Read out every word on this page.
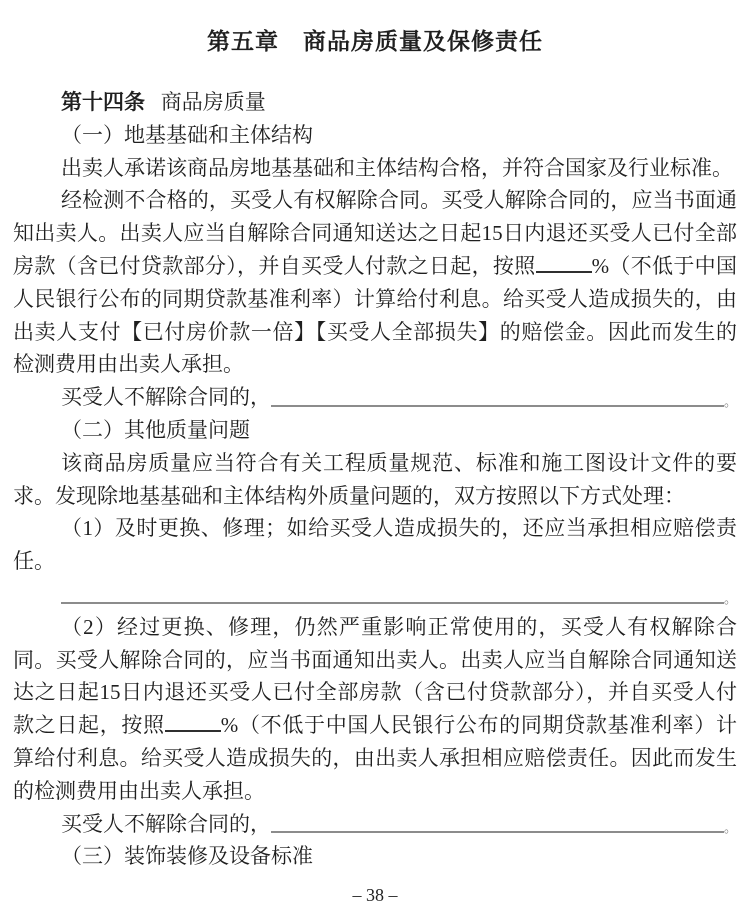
第五章　商品房质量及保修责任

第十四条 商品房质量

（一）地基基础和主体结构

出卖人承诺该商品房地基基础和主体结构合格，并符合国家及行业标准。

经检测不合格的，买受人有权解除合同。买受人解除合同的，应当书面通知出卖人。出卖人应当自解除合同通知送达之日起15日内退还买受人已付全部房款（含已付贷款部分），并自买受人付款之日起，按照	%（不低于中国人民银行公布的同期贷款基准利率）计算给付利息。给买受人造成损失的，由出卖人支付【已付房价款一倍】【买受人全部损失】的赔偿金。因此而发生的检测费用由出卖人承担。

买受人不解除合同的，	。

（二）其他质量问题

该商品房质量应当符合有关工程质量规范、标准和施工图设计文件的要求。发现除地基基础和主体结构外质量问题的，双方按照以下方式处理：

（1）及时更换、修理；如给买受人造成损失的，还应当承担相应赔偿责任。

。

（2）经过更换、修理，仍然严重影响正常使用的，买受人有权解除合同。买受人解除合同的，应当书面通知出卖人。出卖人应当自解除合同通知送达之日起15日内退还买受人已付全部房款（含已付贷款部分），并自买受人付款之日起，按照	%（不低于中国人民银行公布的同期贷款基准利率）计算给付利息。给买受人造成损失的，由出卖人承担相应赔偿责任。因此而发生的检测费用由出卖人承担。

买受人不解除合同的，	。

（三）装饰装修及设备标准

– 38 –
